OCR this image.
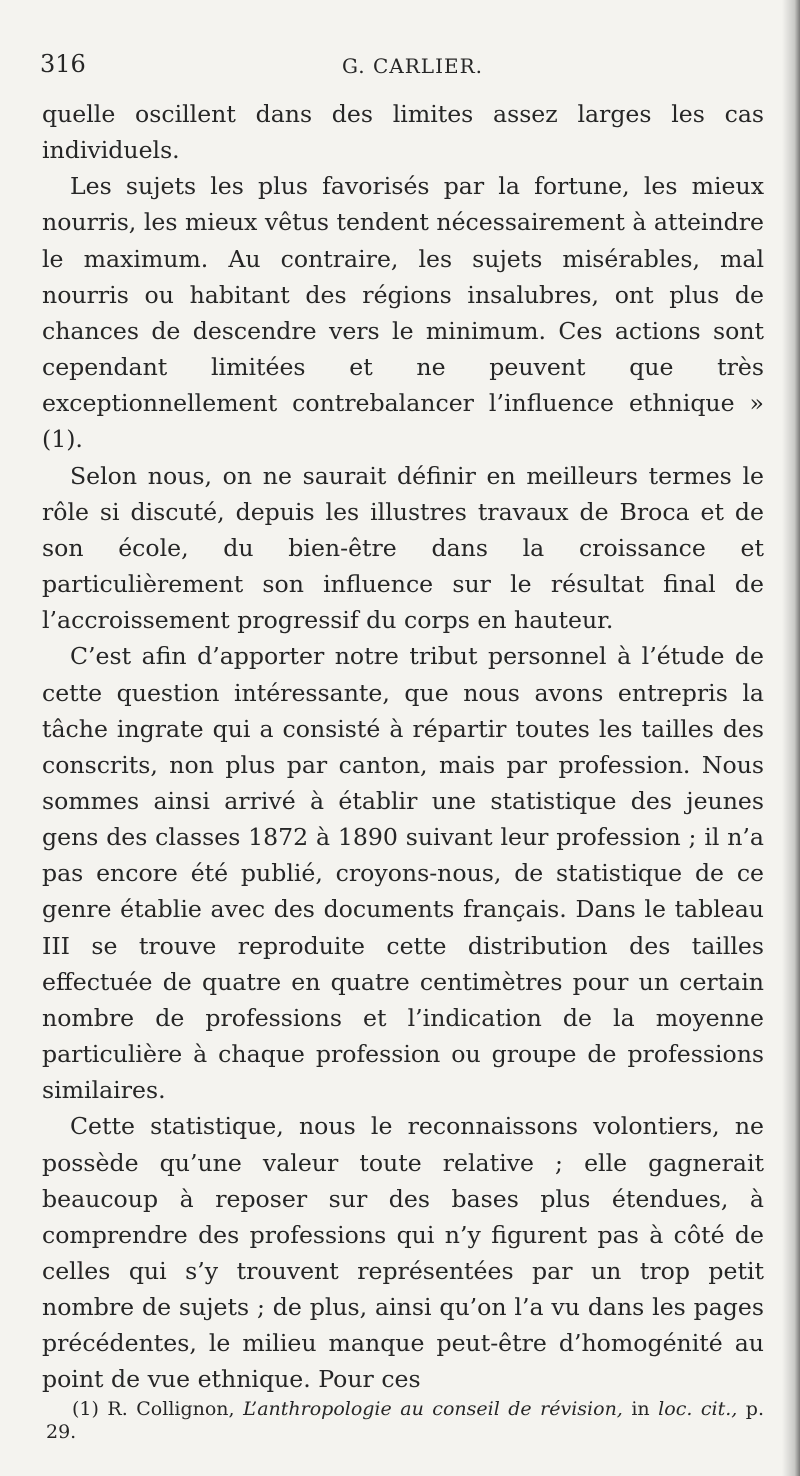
316	G. CARLIER.

quelle oscillent dans des limites assez larges les cas individuels.

Les sujets les plus favorisés par la fortune, les mieux nourris, les mieux vêtus tendent nécessairement à atteindre le maximum. Au contraire, les sujets misérables, mal nourris ou habitant des régions insalubres, ont plus de chances de descendre vers le minimum. Ces actions sont cependant limitées et ne peuvent que très exceptionnellement contrebalancer l’influence ethnique » (1).

Selon nous, on ne saurait définir en meilleurs termes le rôle si discuté, depuis les illustres travaux de Broca et de son école, du bien-être dans la croissance et particulièrement son influence sur le résultat final de l’accroissement progressif du corps en hauteur.

C’est afin d’apporter notre tribut personnel à l’étude de cette question intéressante, que nous avons entrepris la tâche ingrate qui a consisté à répartir toutes les tailles des conscrits, non plus par canton, mais par profession. Nous sommes ainsi arrivé à établir une statistique des jeunes gens des classes 1872 à 1890 suivant leur profession ; il n’a pas encore été publié, croyons-nous, de statistique de ce genre établie avec des documents français. Dans le tableau III se trouve reproduite cette distribution des tailles effectuée de quatre en quatre centimètres pour un certain nombre de professions et l’indication de la moyenne particulière à chaque profession ou groupe de professions similaires.

Cette statistique, nous le reconnaissons volontiers, ne possède qu’une valeur toute relative ; elle gagnerait beaucoup à reposer sur des bases plus étendues, à comprendre des professions qui n’y figurent pas à côté de celles qui s’y trouvent représentées par un trop petit nombre de sujets ; de plus, ainsi qu’on l’a vu dans les pages précédentes, le milieu manque peut-être d’homogénité au point de vue ethnique. Pour ces

(1) R. Collignon, L’anthropologie au conseil de révision, in loc. cit., p. 29.
